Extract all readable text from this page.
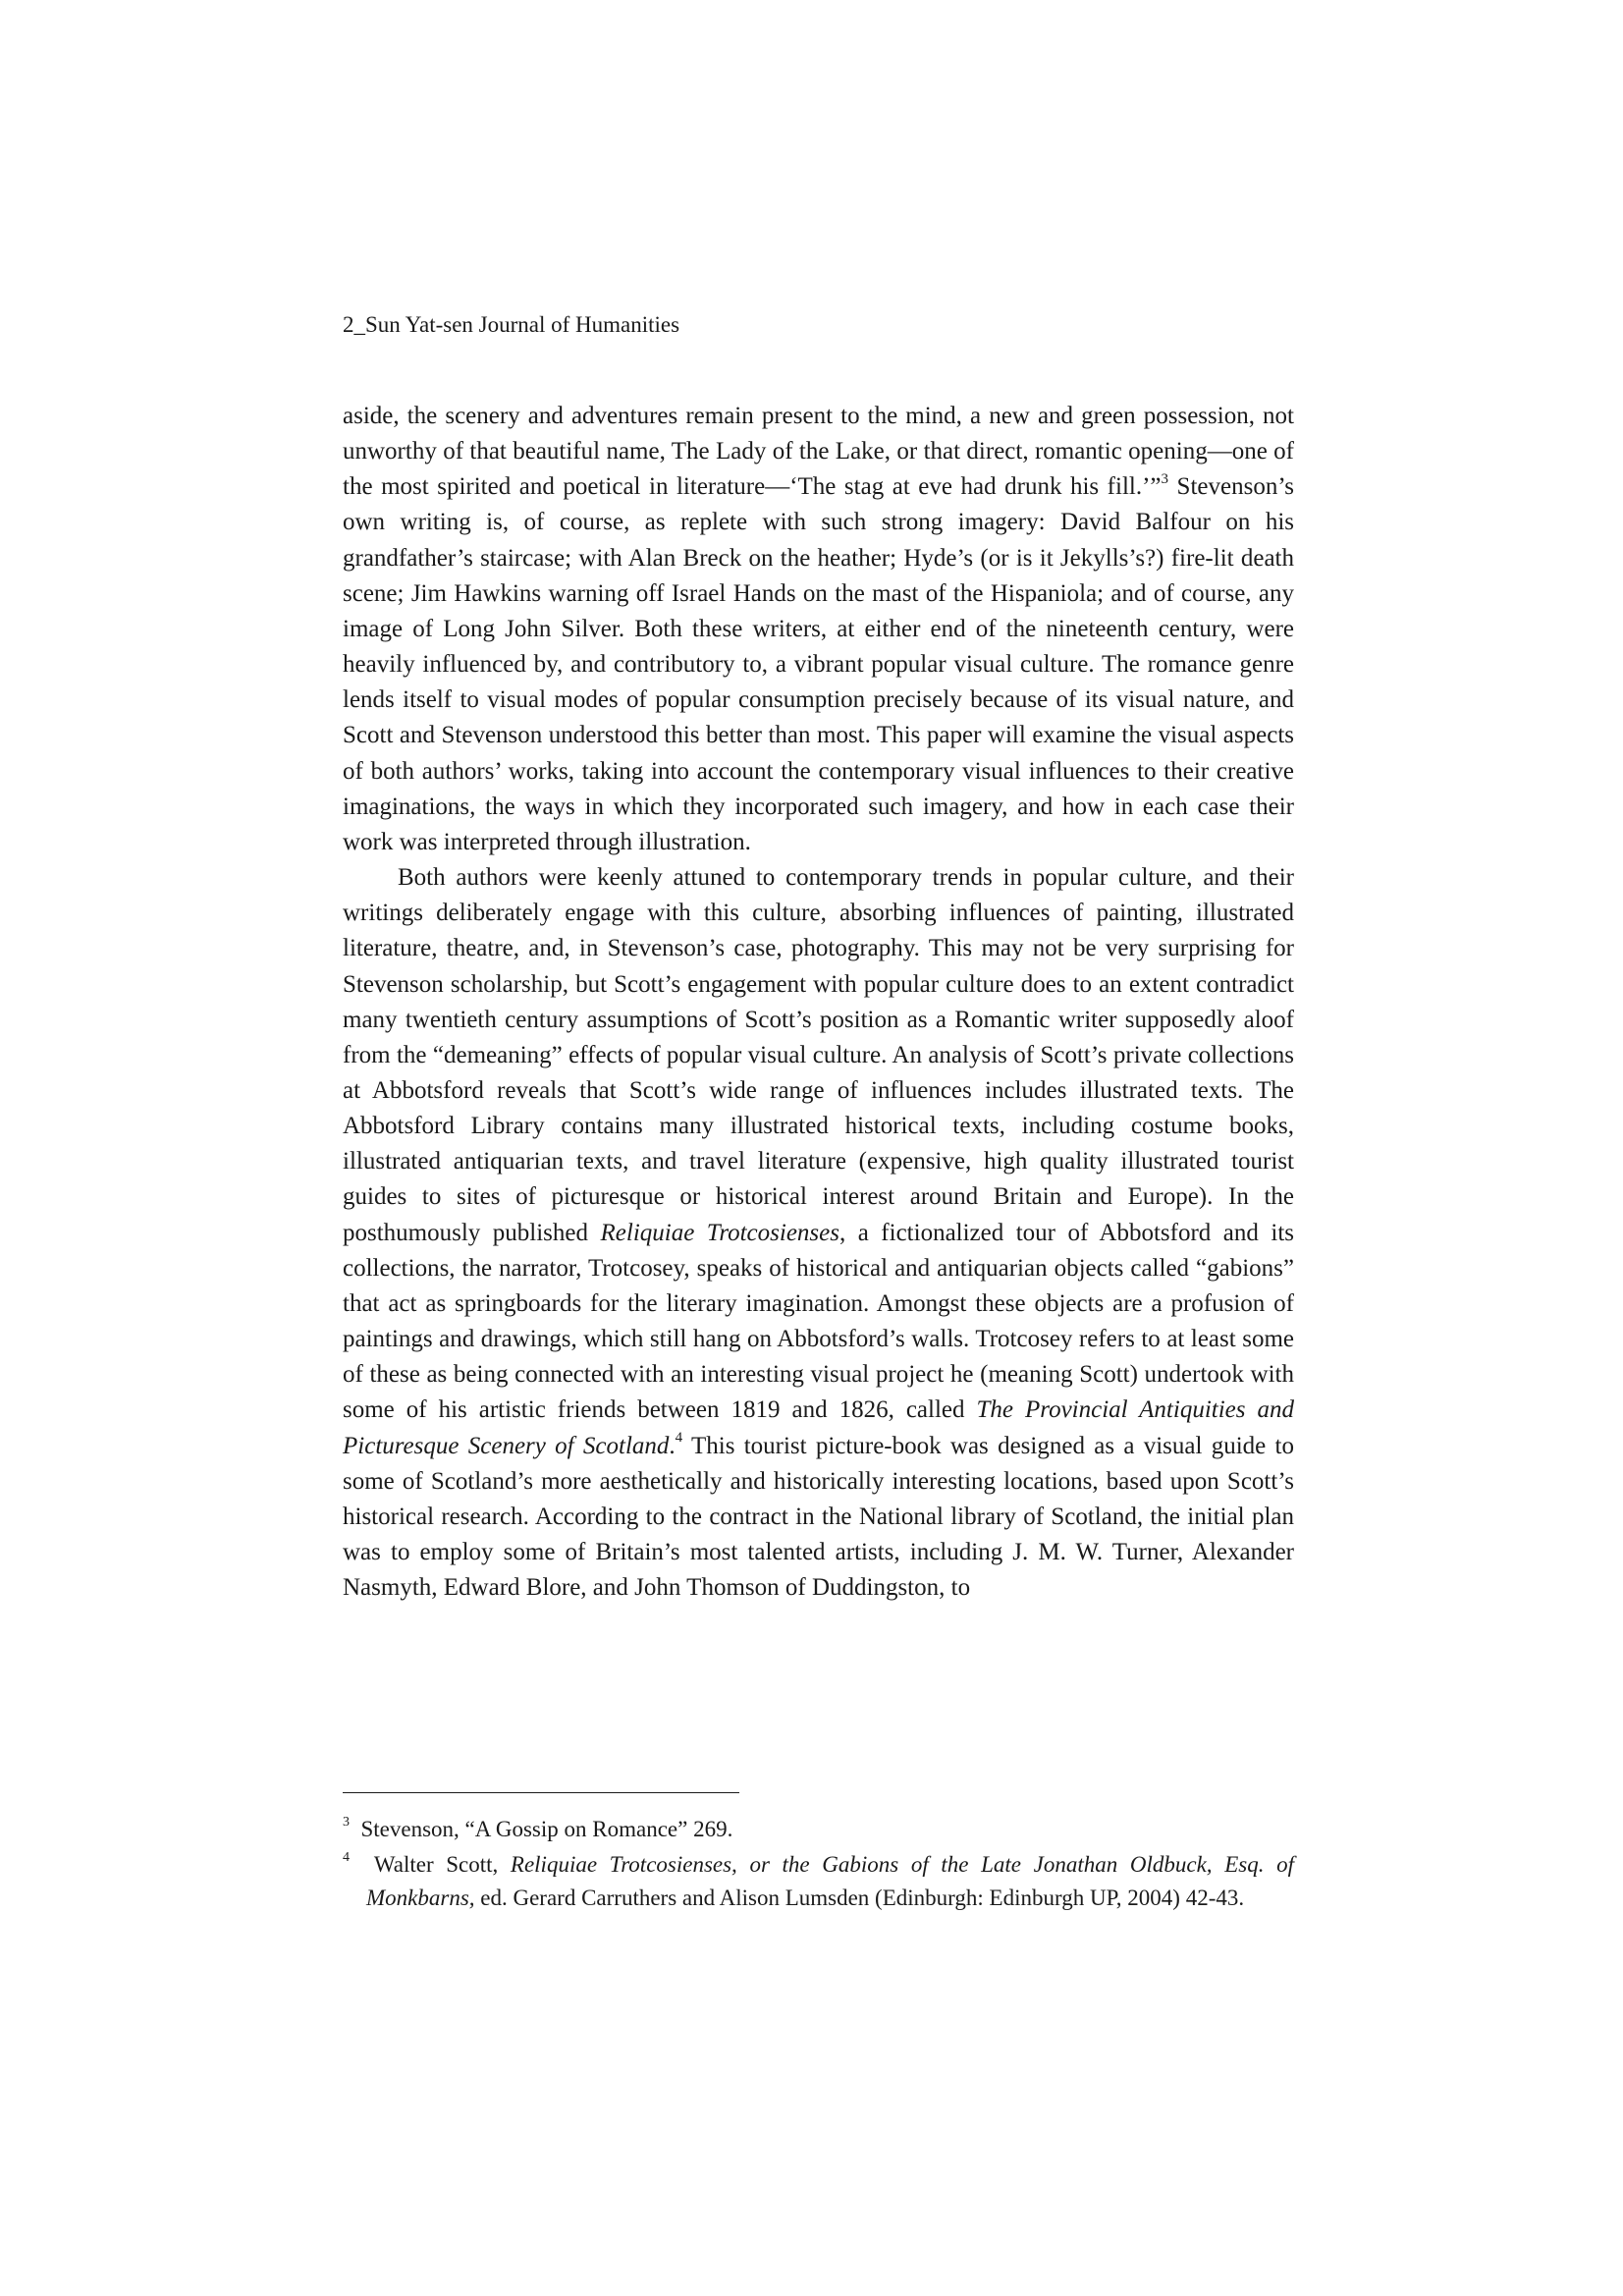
2_Sun Yat-sen Journal of Humanities

aside, the scenery and adventures remain present to the mind, a new and green possession, not unworthy of that beautiful name, The Lady of the Lake, or that direct, romantic opening—one of the most spirited and poetical in literature—‘The stag at eve had drunk his fill.’”$^3$ Stevenson’s own writing is, of course, as replete with such strong imagery: David Balfour on his grandfather’s staircase; with Alan Breck on the heather; Hyde’s (or is it Jekylls’s?) fire-lit death scene; Jim Hawkins warning off Israel Hands on the mast of the Hispaniola; and of course, any image of Long John Silver. Both these writers, at either end of the nineteenth century, were heavily influenced by, and contributory to, a vibrant popular visual culture. The romance genre lends itself to visual modes of popular consumption precisely because of its visual nature, and Scott and Stevenson understood this better than most. This paper will examine the visual aspects of both authors’ works, taking into account the contemporary visual influences to their creative imaginations, the ways in which they incorporated such imagery, and how in each case their work was interpreted through illustration.

Both authors were keenly attuned to contemporary trends in popular culture, and their writings deliberately engage with this culture, absorbing influences of painting, illustrated literature, theatre, and, in Stevenson’s case, photography. This may not be very surprising for Stevenson scholarship, but Scott’s engagement with popular culture does to an extent contradict many twentieth century assumptions of Scott’s position as a Romantic writer supposedly aloof from the “demeaning” effects of popular visual culture. An analysis of Scott’s private collections at Abbotsford reveals that Scott’s wide range of influences includes illustrated texts. The Abbotsford Library contains many illustrated historical texts, including costume books, illustrated antiquarian texts, and travel literature (expensive, high quality illustrated tourist guides to sites of picturesque or historical interest around Britain and Europe). In the posthumously published Reliquiae Trotcosienses, a fictionalized tour of Abbotsford and its collections, the narrator, Trotcosey, speaks of historical and antiquarian objects called “gabions” that act as springboards for the literary imagination. Amongst these objects are a profusion of paintings and drawings, which still hang on Abbotsford’s walls. Trotcosey refers to at least some of these as being connected with an interesting visual project he (meaning Scott) undertook with some of his artistic friends between 1819 and 1826, called The Provincial Antiquities and Picturesque Scenery of Scotland.$^4$ This tourist picture-book was designed as a visual guide to some of Scotland’s more aesthetically and historically interesting locations, based upon Scott’s historical research. According to the contract in the National library of Scotland, the initial plan was to employ some of Britain’s most talented artists, including J. M. W. Turner, Alexander Nasmyth, Edward Blore, and John Thomson of Duddingston, to

$^3$ Stevenson, “A Gossip on Romance” 269.

$^4$ Walter Scott, Reliquiae Trotcosienses, or the Gabions of the Late Jonathan Oldbuck, Esq. of Monkbarns, ed. Gerard Carruthers and Alison Lumsden (Edinburgh: Edinburgh UP, 2004) 42-43.
